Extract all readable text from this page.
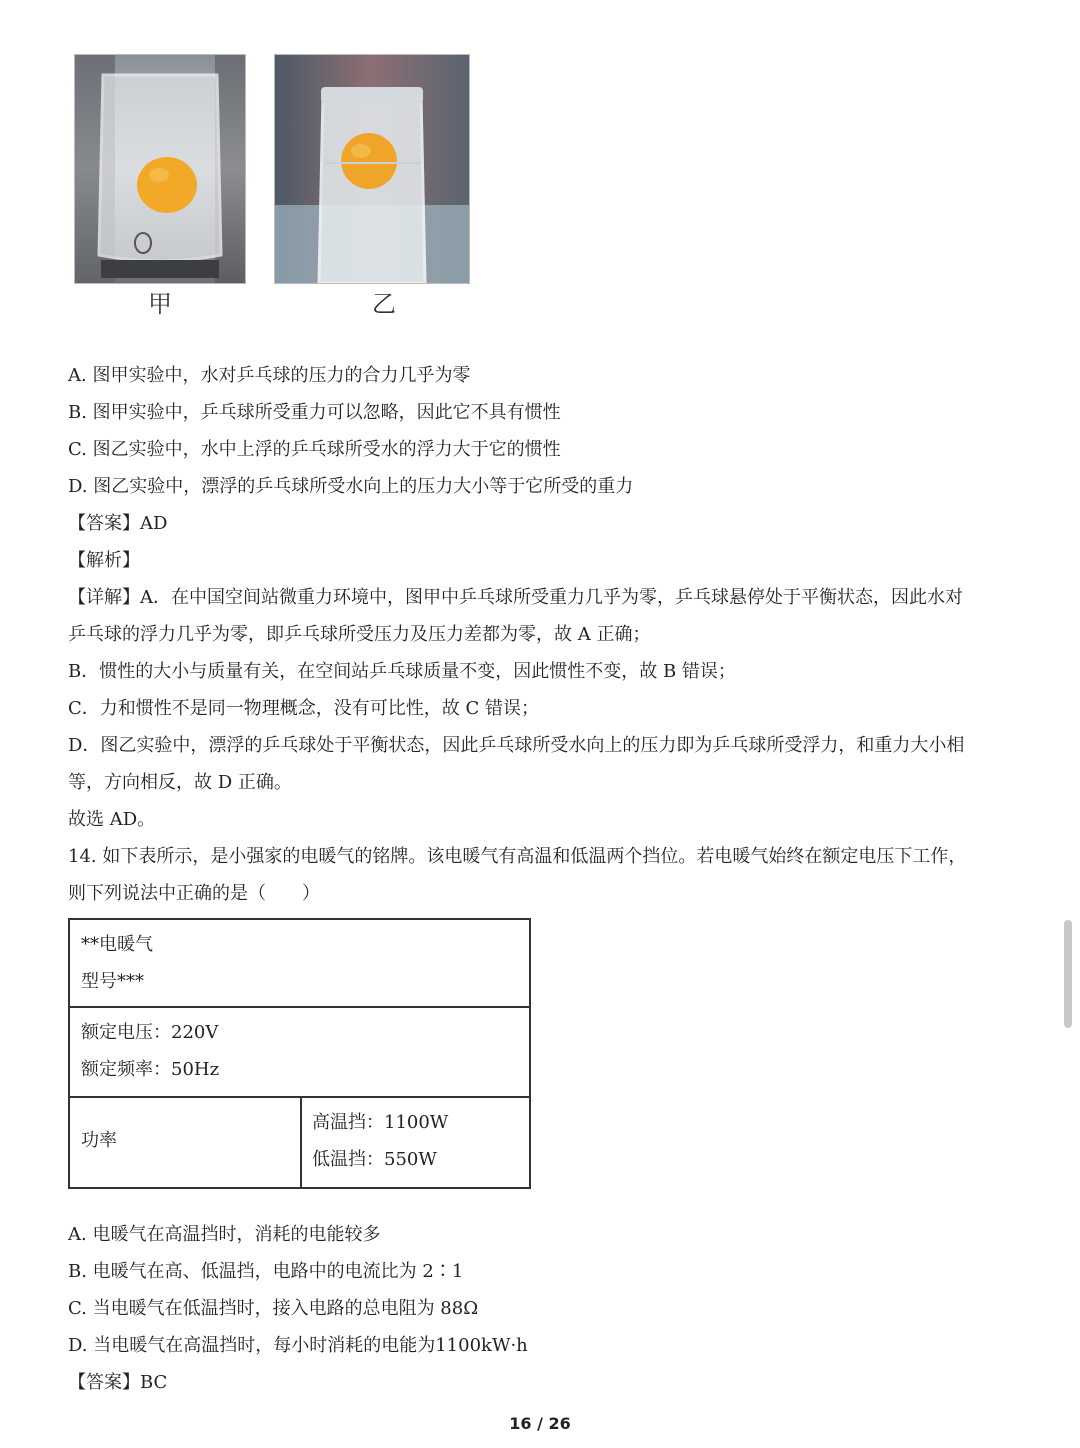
甲	乙
A. 图甲实验中，水对乒乓球的压力的合力几乎为零
B. 图甲实验中，乒乓球所受重力可以忽略，因此它不具有惯性
C. 图乙实验中，水中上浮的乒乓球所受水的浮力大于它的惯性
D. 图乙实验中，漂浮的乒乓球所受水向上的压力大小等于它所受的重力
【答案】AD
【解析】
【详解】A．在中国空间站微重力环境中，图甲中乒乓球所受重力几乎为零，乒乓球悬停处于平衡状态，因此水对
乒乓球的浮力几乎为零，即乒乓球所受压力及压力差都为零，故 A 正确；
B．惯性的大小与质量有关，在空间站乒乓球质量不变，因此惯性不变，故 B 错误；
C．力和惯性不是同一物理概念，没有可比性，故 C 错误；
D．图乙实验中，漂浮的乒乓球处于平衡状态，因此乒乓球所受水向上的压力即为乒乓球所受浮力，和重力大小相
等，方向相反，故 D 正确。
故选 AD。
14. 如下表所示，是小强家的电暖气的铭牌。该电暖气有高温和低温两个挡位。若电暖气始终在额定电压下工作，
则下列说法中正确的是（　　）
**电暖气
型号***
额定电压：220V
额定频率：50Hz
功率
高温挡：1100W
低温挡：550W
A. 电暖气在高温挡时，消耗的电能较多
B. 电暖气在高、低温挡，电路中的电流比为 2∶1
C. 当电暖气在低温挡时，接入电路的总电阻为 88Ω
D. 当电暖气在高温挡时，每小时消耗的电能为1100kW·h
【答案】BC
16 / 26
